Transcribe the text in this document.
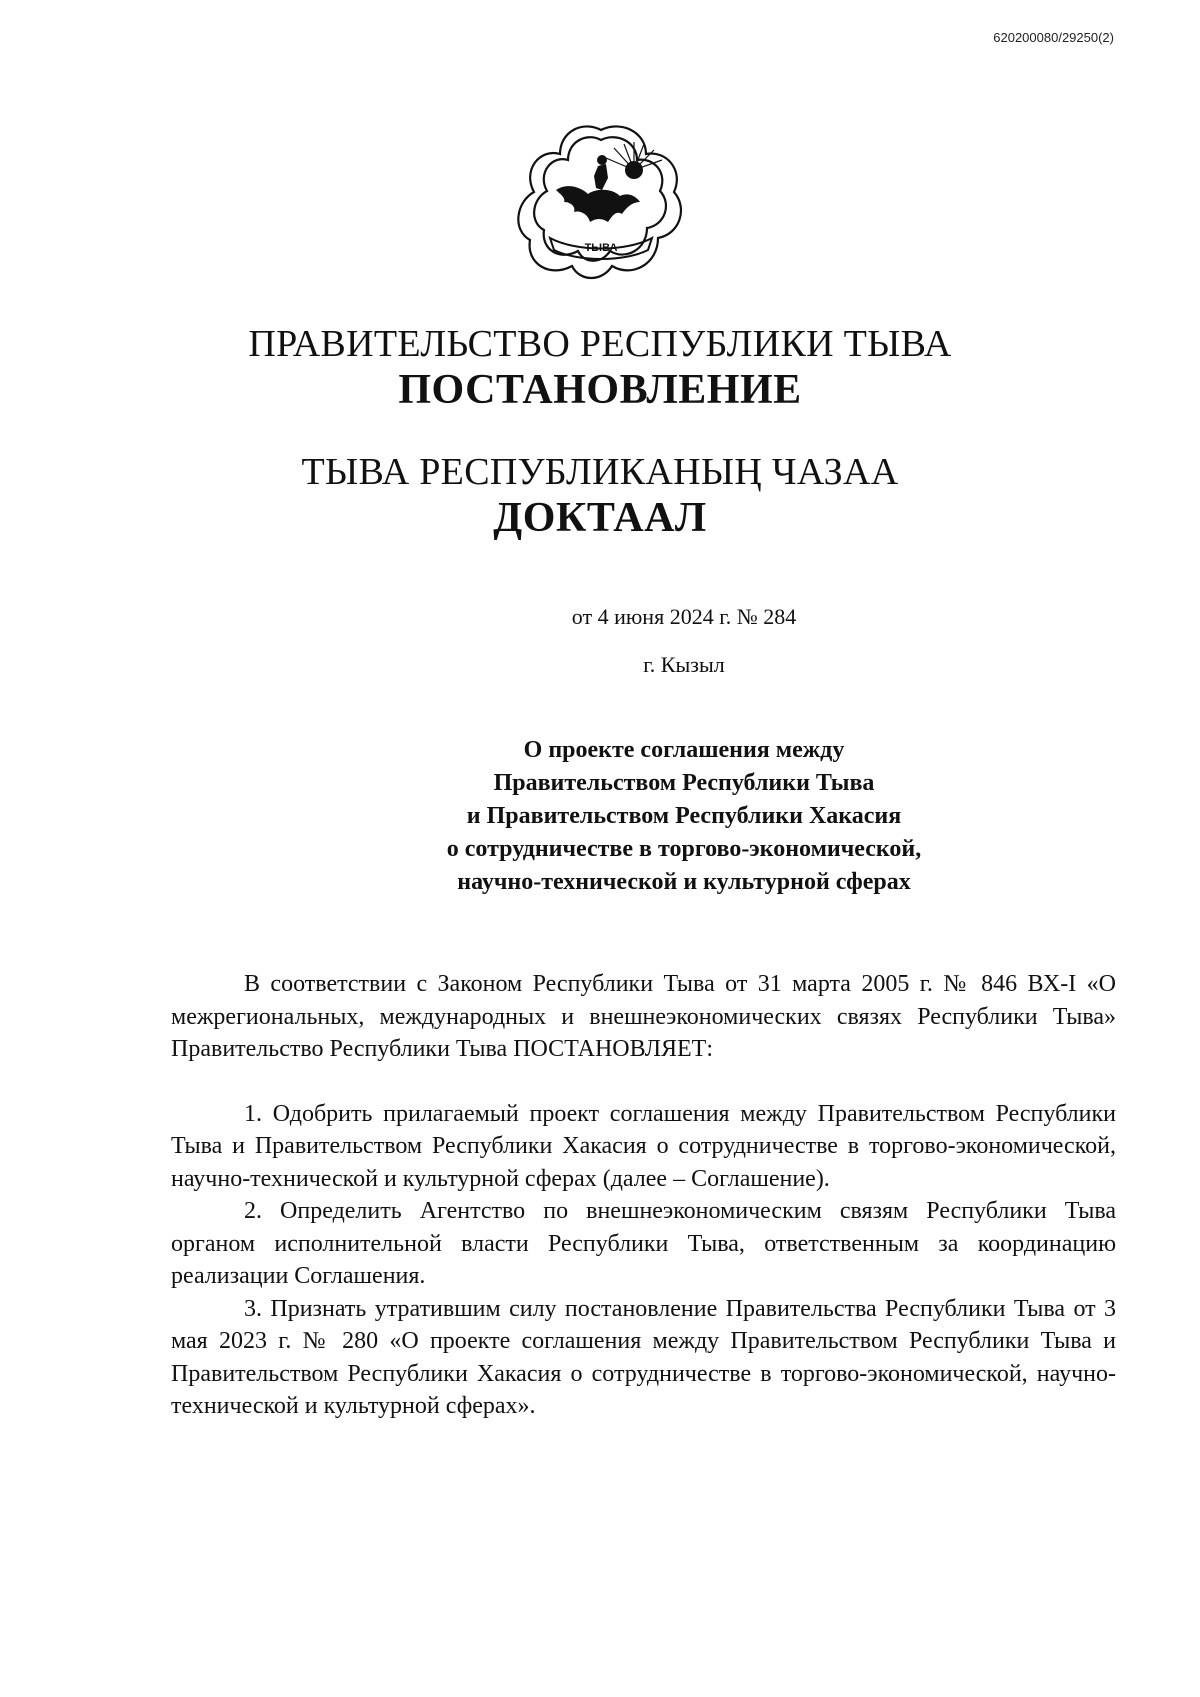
620200080/29250(2)
ТЫВА
ПРАВИТЕЛЬСТВО РЕСПУБЛИКИ ТЫВА
ПОСТАНОВЛЕНИЕ
ТЫВА РЕСПУБЛИКАНЫҢ ЧАЗАА
ДОКТААЛ
от 4 июня 2024 г. № 284
г. Кызыл
О проекте соглашения между
Правительством Республики Тыва
и Правительством Республики Хакасия
о сотрудничестве в торгово-экономической,
научно-технической и культурной сферах

В соответствии с Законом Республики Тыва от 31 марта 2005 г. № 846 ВХ-I «О межрегиональных, международных и внешнеэкономических связях Республики Тыва» Правительство Республики Тыва ПОСТАНОВЛЯЕТ:

1. Одобрить прилагаемый проект соглашения между Правительством Республики Тыва и Правительством Республики Хакасия о сотрудничестве в торгово-экономической, научно-технической и культурной сферах (далее – Соглашение).

2. Определить Агентство по внешнеэкономическим связям Республики Тыва органом исполнительной власти Республики Тыва, ответственным за координацию реализации Соглашения.

3. Признать утратившим силу постановление Правительства Республики Тыва от 3 мая 2023 г. № 280 «О проекте соглашения между Правительством Республики Тыва и Правительством Республики Хакасия о сотрудничестве в торгово-экономической, научно-технической и культурной сферах».
